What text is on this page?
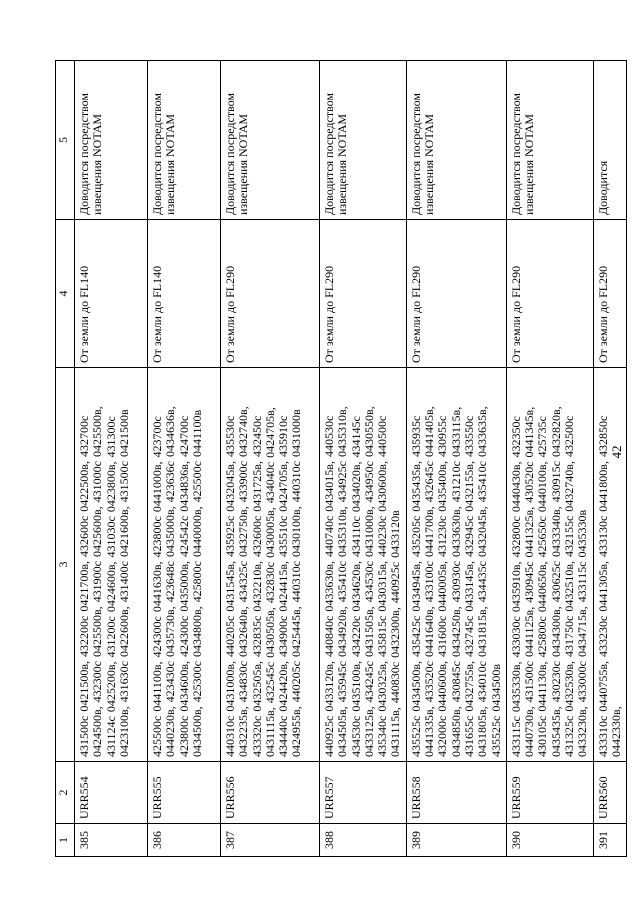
42
1	2	3	4	5
385	URR554	431500с 0421500в, 432200с 0421700в, 432600с 0422500в, 432700с 0424500в, 432300с 0425500в, 431900с 0425600в, 431000с 0425500в, 431124с 0425200в, 431200с 0424600в, 431030с 0423800в, 431300с 0423100в, 431630с 0422600в, 431400с 0421600в, 431500с 0421500в	От земли до FL140	Доводится посредством извещения NOTAM
386	URR555	425500с 0441100в, 424300с 0441630в, 423800с 0441000в, 423700с 0440230в, 423430с 0435730в, 423648с 0435000в, 423636с 0434636в, 423800с 0434600в, 424300с 0435000в, 424542с 0434836в, 424700с 0434500в, 425300с 0434800в, 425800с 0440000в, 425500с 0441100в	От земли до FL140	Доводится посредством извещения NOTAM
387	URR556	440310с 0431000в, 440205с 0431545в, 435925с 0432045в, 435530с 0432235в, 434830с 0432640в, 434325с 0432750в, 433900с 0432740в, 433320с 0432505в, 432835с 0432210в, 432600с 0431725в, 432450с 0431115в, 432545с 0430505в, 432830с 0430005в, 434040с 0424705в, 434440с 0424420в, 434900с 0424415в, 435510с 0424705в, 435910с 0424955в, 440205с 0425445в, 440310с 0430100в, 440310с 0431000в	От земли до FL290	Доводится посредством извещения NOTAM
388	URR557	440925с 0433120в, 440840с 0433630в, 440740с 0434015в, 440530с 0434505в, 435945с 0434920в, 435410с 0435310в, 434925с 0435310в, 434530с 0435100в, 434220с 0434620в, 434110с 0434020в, 434145с 0433125в, 434245с 0431505в, 434530с 0431000в, 434950с 0430550в, 435340с 0430325в, 435815с 0430315в, 440230с 0430600в, 440500с 0431115в, 440830с 0432300в, 440925с 0433120в	От земли до FL290	Доводится посредством извещения NOTAM
389	URR558	435525с 0434500в, 435425с 0434945в, 435205с 0435435в, 435935с 0441335в, 433520с 0441640в, 433100с 0441700в, 432645с 0441405в, 432000с 0440600в, 431600с 0440005в, 431230с 0435400в, 430955с 0434850в, 430845с 0434250в, 430930с 0433630в, 431210с 0433115в, 431655с 0432755в, 432745с 0433145в, 432945с 0432155в, 433550с 0431805в, 434010с 0431815в, 434435с 0432045в, 435410с 0433635в, 435525с 0434500в	От земли до FL290	Доводится посредством извещения NOTAM
390	URR559	433115с 0435330в, 433030с 0435910в, 432800с 0440430в, 432350с 0440730в, 431500с 0441125в, 430945с 0441325в, 430520с 0441345в, 430105с 0441130в, 425800с 0440650в, 425650с 0440100в, 425735с 0435435в, 430230с 0434300в, 430625с 0433340в, 430915с 0432820в, 431325с 0432530в, 431750с 0432510в, 432155с 0432740в, 432500с 0433230в, 433000с 0434715в, 433115с 0435330в	От земли до FL290	Доводится посредством извещения NOTAM
391	URR560	433310с 0440755в, 433230с 0441305в, 433130с 0441800в, 432850с 0442330в,	От земли до FL290	Доводится
